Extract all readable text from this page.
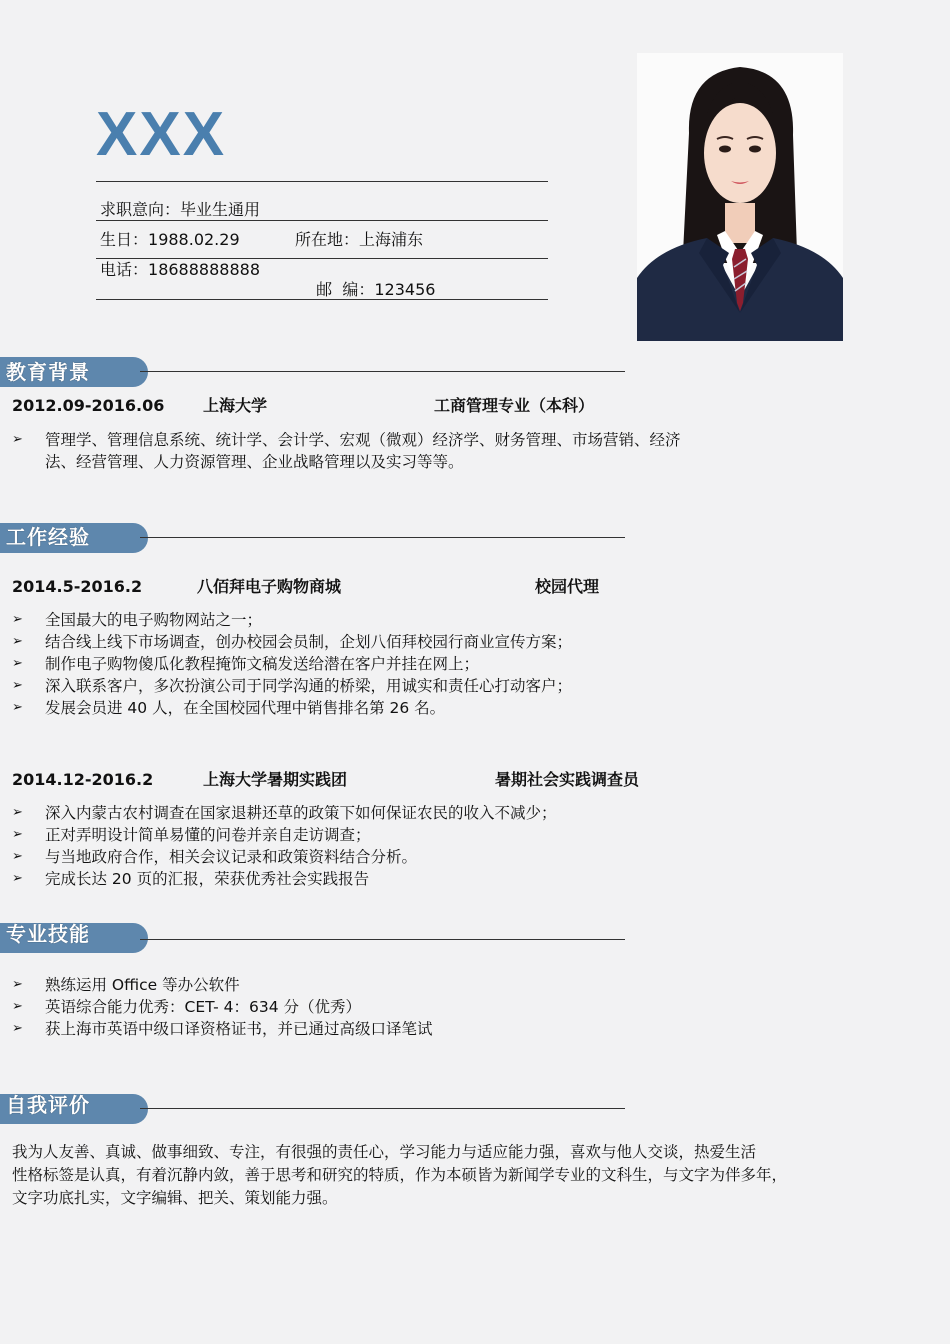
XXX
求职意向：毕业生通用
生日：1988.02.29	所在地：上海浦东
电话：18688888888

邮  编：123456

教育背景
2012.09-2016.06 上海大学	工商管理专业（本科）
➢ 管理学、管理信息系统、统计学、会计学、宏观（微观）经济学、财务管理、市场营销、经济法、经营管理、人力资源管理、企业战略管理以及实习等等。
工作经验
2014.5-2016.2	八佰拜电子购物商城	校园代理
➢ 全国最大的电子购物网站之一；
➢ 结合线上线下市场调查，创办校园会员制，企划八佰拜校园行商业宣传方案；
➢ 制作电子购物傻瓜化教程掩饰文稿发送给潜在客户并挂在网上；
➢ 深入联系客户，多次扮演公司于同学沟通的桥梁，用诚实和责任心打动客户；
➢ 发展会员进 40 人，在全国校园代理中销售排名第 26 名。
2014.12-2016.2	上海大学暑期实践团	暑期社会实践调查员
➢ 深入内蒙古农村调查在国家退耕还草的政策下如何保证农民的收入不减少；
➢ 正对弄明设计简单易懂的问卷并亲自走访调查；
➢ 与当地政府合作，相关会议记录和政策资料结合分析。
➢ 完成长达 20 页的汇报，荣获优秀社会实践报告
专业技能
➢ 熟练运用 Office 等办公软件
➢ 英语综合能力优秀：CET- 4：634 分（优秀）
➢ 获上海市英语中级口译资格证书，并已通过高级口译笔试
自我评价
我为人友善、真诚、做事细致、专注，有很强的责任心，学习能力与适应能力强，喜欢与他人交谈，热爱生活
性格标签是认真，有着沉静内敛，善于思考和研究的特质，作为本硕皆为新闻学专业的文科生，与文字为伴多年，
文字功底扎实，文字编辑、把关、策划能力强。
